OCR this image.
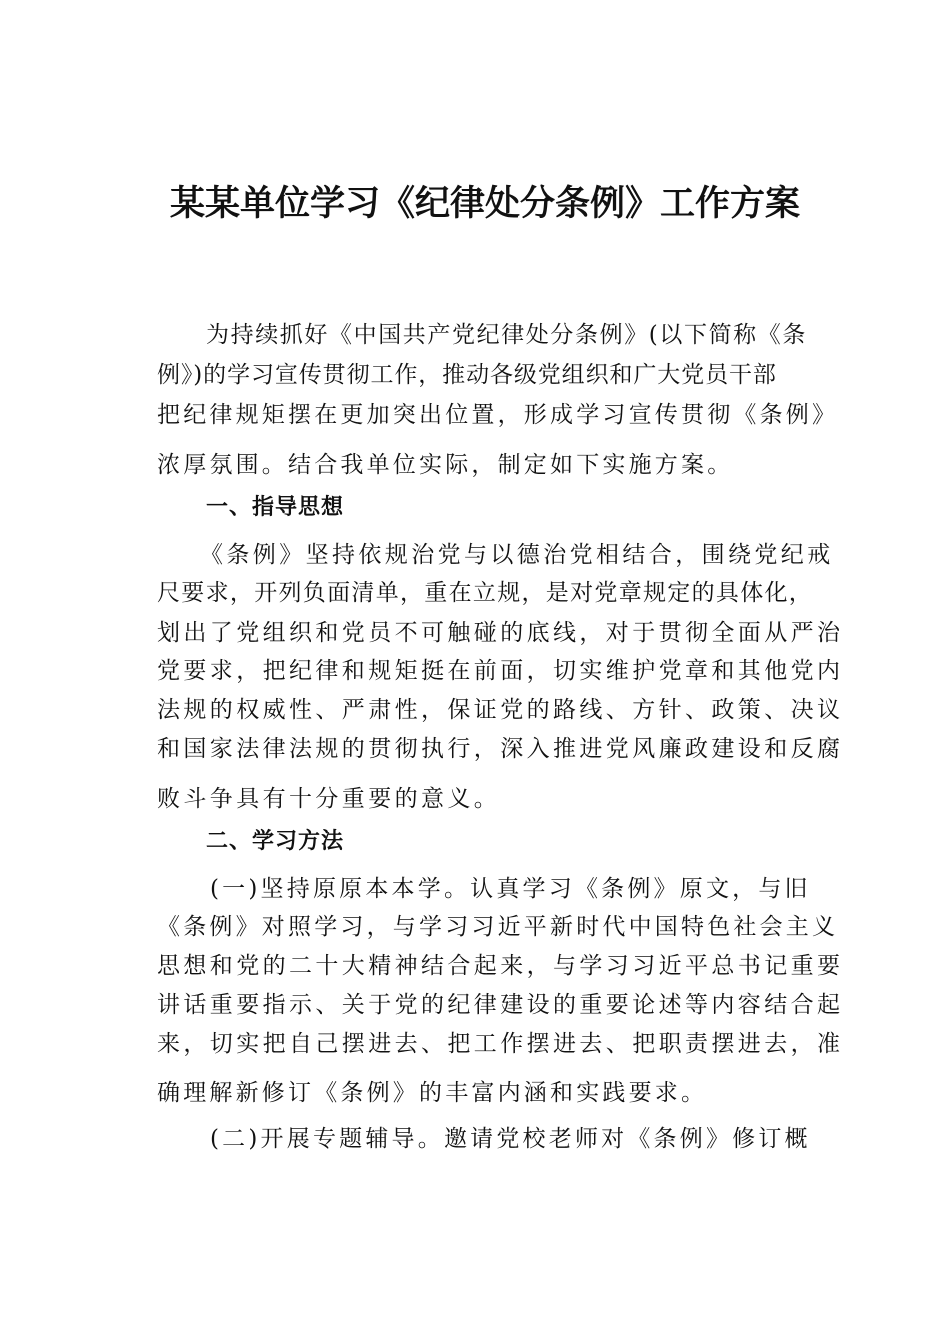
某某单位学习《纪律处分条例》工作方案
为持续抓好《中国共产党纪律处分条例》(以下简称《条
例》)的学习宣传贯彻工作，推动各级党组织和广大党员干部
把纪律规矩摆在更加突出位置，形成学习宣传贯彻《条例》
浓厚氛围。结合我单位实际，制定如下实施方案。
一、指导思想
《条例》坚持依规治党与以德治党相结合，围绕党纪戒
尺要求，开列负面清单，重在立规，是对党章规定的具体化，
划出了党组织和党员不可触碰的底线，对于贯彻全面从严治
党要求，把纪律和规矩挺在前面，切实维护党章和其他党内
法规的权威性、严肃性，保证党的路线、方针、政策、决议
和国家法律法规的贯彻执行，深入推进党风廉政建设和反腐
败斗争具有十分重要的意义。
二、学习方法
(一)坚持原原本本学。认真学习《条例》原文，与旧
《条例》对照学习，与学习习近平新时代中国特色社会主义
思想和党的二十大精神结合起来，与学习习近平总书记重要
讲话重要指示、关于党的纪律建设的重要论述等内容结合起
来，切实把自己摆进去、把工作摆进去、把职责摆进去，准
确理解新修订《条例》的丰富内涵和实践要求。
(二)开展专题辅导。邀请党校老师对《条例》修订概
